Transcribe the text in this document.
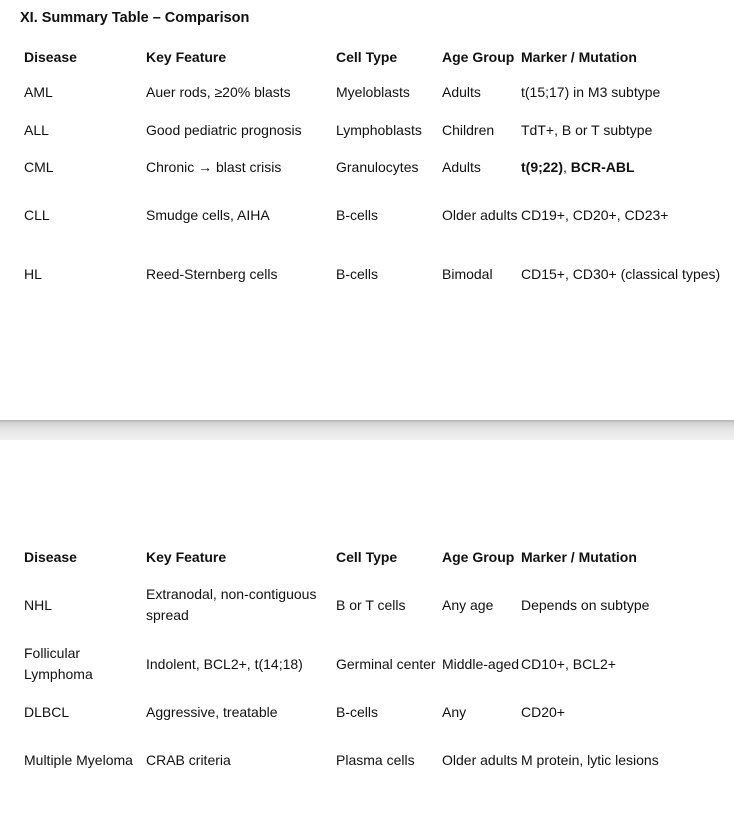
XI. Summary Table – Comparison
Disease	Key Feature	Cell Type	Age Group	Marker / Mutation
AML	Auer rods, ≥20% blasts	Myeloblasts	Adults	t(15;17) in M3 subtype
ALL	Good pediatric prognosis	Lymphoblasts	Children	TdT+, B or T subtype
CML	Chronic → blast crisis	Granulocytes	Adults	t(9;22), BCR-ABL
CLL	Smudge cells, AIHA	B-cells	Older adults	CD19+, CD20+, CD23+
HL	Reed-Sternberg cells	B-cells	Bimodal	CD15+, CD30+ (classical types)
Disease	Key Feature	Cell Type	Age Group	Marker / Mutation
NHL	Extranodal, non-contiguous spread	B or T cells	Any age	Depends on subtype
Follicular Lymphoma	Indolent, BCL2+, t(14;18)	Germinal center	Middle-aged	CD10+, BCL2+
DLBCL	Aggressive, treatable	B-cells	Any	CD20+
Multiple Myeloma	CRAB criteria	Plasma cells	Older adults	M protein, lytic lesions
